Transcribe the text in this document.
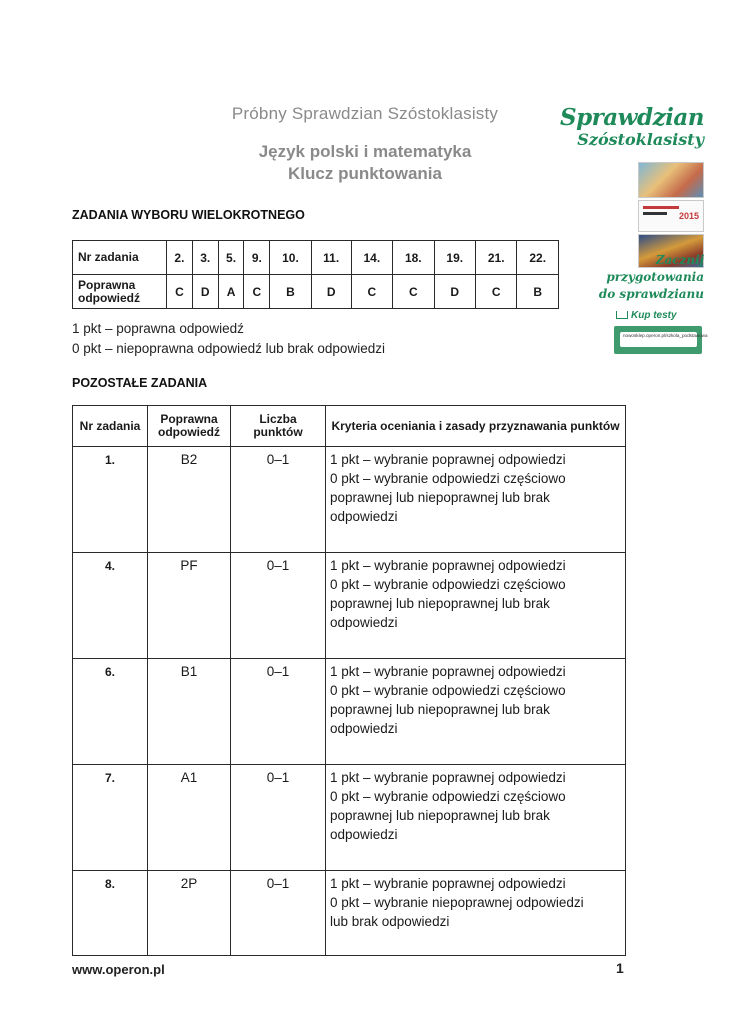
Próbny Sprawdzian Szóstoklasisty
Język polski i matematyka
Klucz punktowania
Sprawdzian
Szóstoklasisty
2015
Zacznij
przygotowania
do sprawdzianu
Kup testy
nowosklep.operon.pl/szkola_podstawowa
ZADANIA WYBORU WIELOKROTNEGO
Nr zadania	2.	3.	5.	9.	10.	11.	14.	18.	19.	21.	22.
Poprawna odpowiedź	C	D	A	C	B	D	C	C	D	C	B
1 pkt – poprawna odpowiedź
0 pkt – niepoprawna odpowiedź lub brak odpowiedzi
POZOSTAŁE ZADANIA
Nr zadania	Poprawna odpowiedź	Liczba punktów	Kryteria oceniania i zasady przyznawania punktów
1.	B2	0–1	1 pkt – wybranie poprawnej odpowiedzi
0 pkt – wybranie odpowiedzi częściowo
poprawnej lub niepoprawnej lub brak
odpowiedzi

4.	PF	0–1	1 pkt – wybranie poprawnej odpowiedzi
0 pkt – wybranie odpowiedzi częściowo
poprawnej lub niepoprawnej lub brak
odpowiedzi

6.	B1	0–1	1 pkt – wybranie poprawnej odpowiedzi
0 pkt – wybranie odpowiedzi częściowo
poprawnej lub niepoprawnej lub brak
odpowiedzi

7.	A1	0–1	1 pkt – wybranie poprawnej odpowiedzi
0 pkt – wybranie odpowiedzi częściowo
poprawnej lub niepoprawnej lub brak
odpowiedzi

8.	2P	0–1	1 pkt – wybranie poprawnej odpowiedzi
0 pkt – wybranie niepoprawnej odpowiedzi
lub brak odpowiedzi
www.operon.pl	1
